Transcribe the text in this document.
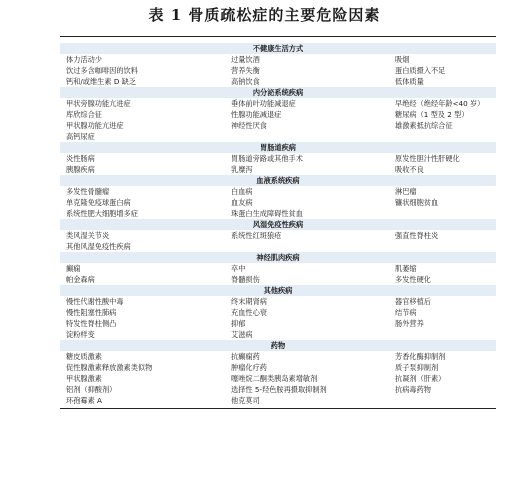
表 1 骨质疏松症的主要危险因素
不健康生活方式
体力活动少	过量饮酒	吸烟
饮过多含咖啡因的饮料	营养失衡	蛋白质摄入不足
钙和/或维生素 D 缺乏	高钠饮食	低体质量
内分泌系统疾病
甲状旁腺功能亢进症	垂体前叶功能减退症	早绝经（绝经年龄<40 岁）
库欣综合征	性腺功能减退症	糖尿病（1 型及 2 型）
甲状腺功能亢进症	神经性厌食	雄激素抵抗综合征
高钙尿症
胃肠道疾病
炎性肠病	胃肠道旁路或其他手术	原发性胆汁性肝硬化
胰腺疾病	乳糜泻	吸收不良
血液系统疾病
多发性骨髓瘤	白血病	淋巴瘤
单克隆免疫球蛋白病	血友病	镰状细胞贫血
系统性肥大细胞增多症	珠蛋白生成障碍性贫血
风湿免疫性疾病
类风湿关节炎	系统性红斑狼疮	强直性脊柱炎
其他风湿免疫性疾病
神经肌肉疾病
癫痫	卒中	肌萎缩
帕金森病	脊髓损伤	多发性硬化
其他疾病
慢性代谢性酸中毒	终末期肾病	器官移植后
慢性阻塞性肺病	充血性心衰	结节病
特发性脊柱侧凸	抑郁	肠外营养
淀粉样变	艾滋病
药物
糖皮质激素	抗癫痫药	芳香化酶抑制剂
促性腺激素释放激素类似物	肿瘤化疗药	质子泵抑制剂
甲状腺激素	噻唑烷二酮类胰岛素增敏剂	抗凝剂（肝素）
铝剂（抑酸剂）	选择性 5-羟色胺再摄取抑制剂	抗病毒药物
环孢霉素 A	他克莫司
